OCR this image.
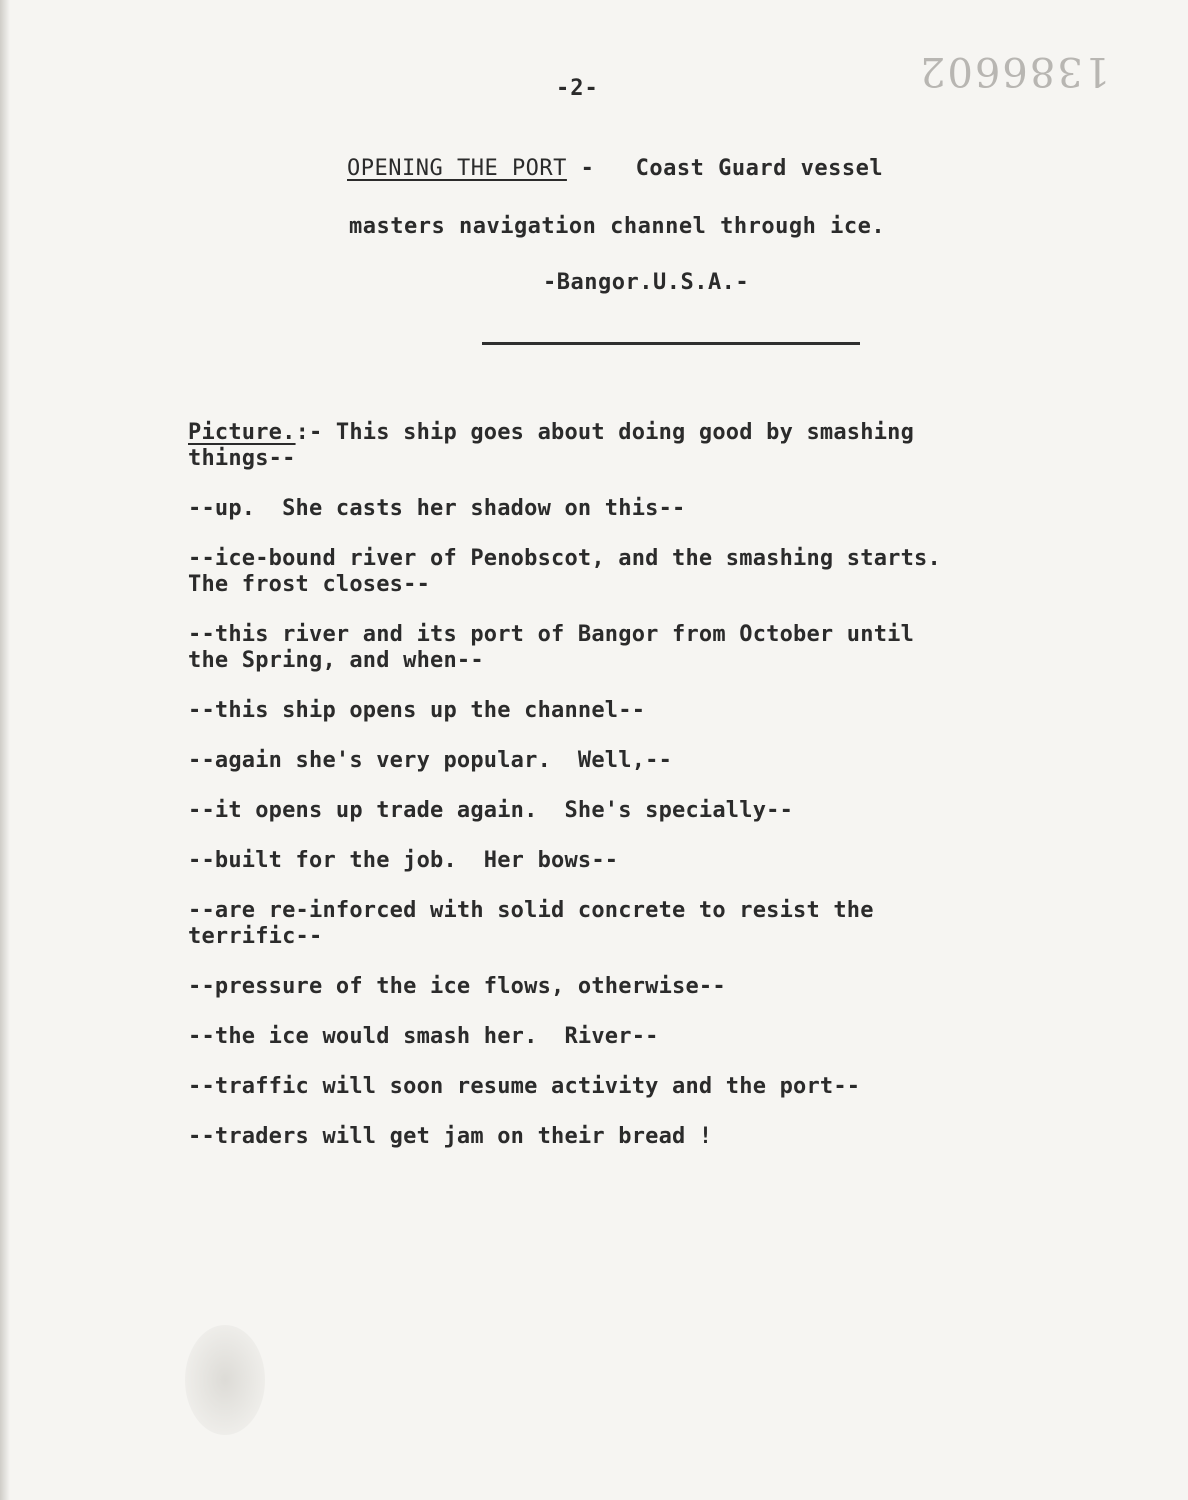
-2-	1386602
OPENING THE PORT -   Coast Guard vessel
masters navigation channel through ice.
-Bangor.U.S.A.-
Picture.:- This ship goes about doing good by smashing
things--
--up.  She casts her shadow on this--
--ice-bound river of Penobscot, and the smashing starts.
The frost closes--
--this river and its port of Bangor from October until
the Spring, and when--
--this ship opens up the channel--
--again she's very popular.  Well,--
--it opens up trade again.  She's specially--
--built for the job.  Her bows--
--are re-inforced with solid concrete to resist the
terrific--
--pressure of the ice flows, otherwise--
--the ice would smash her.  River--
--traffic will soon resume activity and the port--
--traders will get jam on their bread !
